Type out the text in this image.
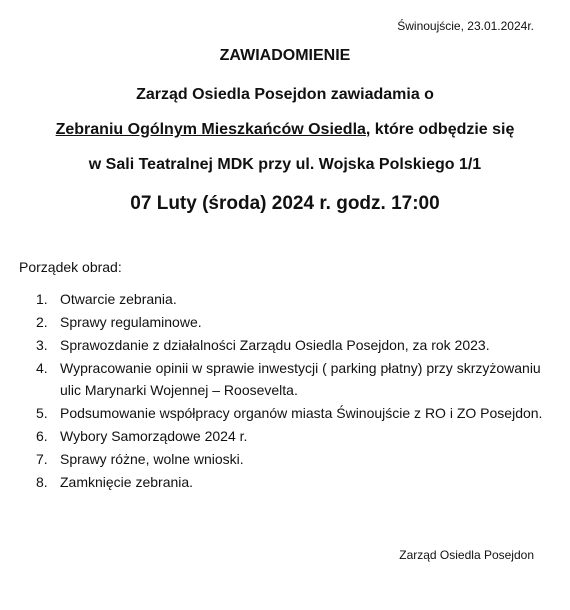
Świnoujście, 23.01.2024r.
ZAWIADOMIENIE
Zarząd Osiedla Posejdon zawiadamia o
Zebraniu Ogólnym Mieszkańców Osiedla, które odbędzie się
w Sali Teatralnej MDK przy ul. Wojska Polskiego 1/1
07 Luty (środa) 2024 r. godz. 17:00
Porządek obrad:
1. Otwarcie zebrania.
2. Sprawy regulaminowe.
3. Sprawozdanie z działalności Zarządu Osiedla Posejdon, za rok 2023.
4. Wypracowanie opinii w sprawie inwestycji ( parking płatny) przy skrzyżowaniu ulic Marynarki Wojennej – Roosevelta.
5. Podsumowanie współpracy organów miasta Świnoujście z RO i ZO Posejdon.
6. Wybory Samorządowe 2024 r.
7. Sprawy różne, wolne wnioski.
8. Zamknięcie zebrania.
Zarząd Osiedla Posejdon
